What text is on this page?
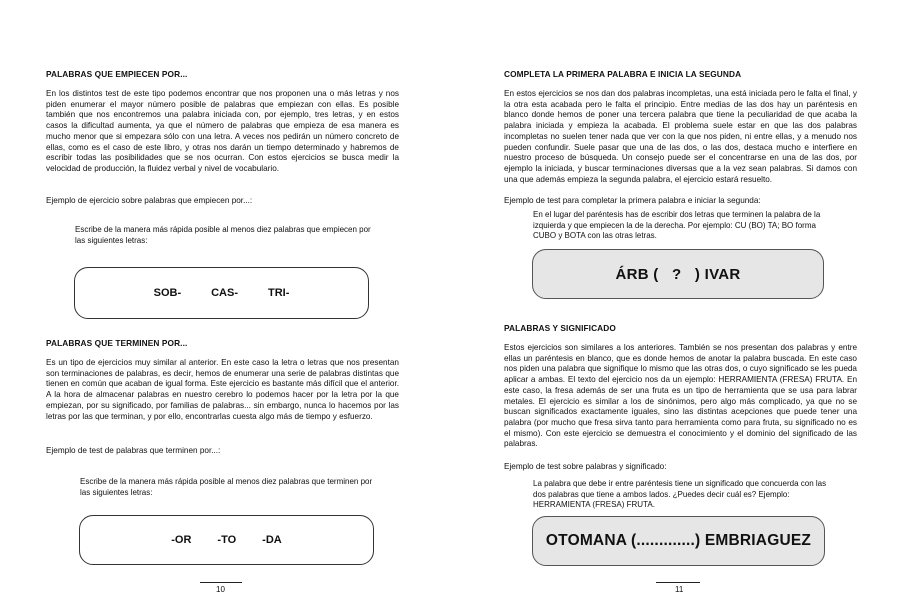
PALABRAS QUE EMPIECEN POR...
En los distintos test de este tipo podemos encontrar que nos proponen una o más letras y nos piden enumerar el mayor número posible de palabras que empiezan con ellas. Es posible también que nos encontremos una palabra iniciada con, por ejemplo, tres letras, y en estos casos la dificultad aumenta, ya que el número de palabras que empieza de esa manera es mucho menor que si empezara sólo con una letra. A veces nos pedirán un número concreto de ellas, como es el caso de este libro, y otras nos darán un tiempo determinado y habremos de escribir todas las posibilidades que se nos ocurran. Con estos ejercicios se busca medir la velocidad de producción, la fluidez verbal y nivel de vocabulario.
Ejemplo de ejercicio sobre palabras que empiecen por...:
Escribe de la manera más rápida posible al menos diez palabras que empiecen por las siguientes letras:
SOB-	CAS-	TRI-
PALABRAS QUE TERMINEN POR...
Es un tipo de ejercicios muy similar al anterior. En este caso la letra o letras que nos presentan son terminaciones de palabras, es decir, hemos de enumerar una serie de palabras distintas que tienen en común que acaban de igual forma. Este ejercicio es bastante más difícil que el anterior. A la hora de almacenar palabras en nuestro cerebro lo podemos hacer por la letra por la que empiezan, por su significado, por familias de palabras... sin embargo, nunca lo hacemos por las letras por las que terminan, y por ello, encontrarlas cuesta algo más de tiempo y esfuerzo.
Ejemplo de test de palabras que terminen por...:
Escribe de la manera más rápida posible al menos diez palabras que terminen por las siguientes letras:
-OR -TO -DA
10
COMPLETA LA PRIMERA PALABRA E INICIA LA SEGUNDA
En estos ejercicios se nos dan dos palabras incompletas, una está iniciada pero le falta el final, y la otra esta acabada pero le falta el principio. Entre medias de las dos hay un paréntesis en blanco donde hemos de poner una tercera palabra que tiene la peculiaridad de que acaba la palabra iniciada y empieza la acabada. El problema suele estar en que las dos palabras incompletas no suelen tener nada que ver con la que nos piden, ni entre ellas, y a menudo nos pueden confundir. Suele pasar que una de las dos, o las dos, destaca mucho e interfiere en nuestro proceso de búsqueda. Un consejo puede ser el concentrarse en una de las dos, por ejemplo la iniciada, y buscar terminaciones diversas que a la vez sean palabras. Si damos con una que además empieza la segunda palabra, el ejercicio estará resuelto.
Ejemplo de test para completar la primera palabra e iniciar la segunda:
En el lugar del paréntesis has de escribir dos letras que terminen la palabra de la izquierda y que empiecen la de la derecha. Por ejemplo: CU (BO) TA; BO forma CUBO y BOTA con las otras letras.
ÁRB (   ?   ) IVAR
PALABRAS Y SIGNIFICADO
Estos ejercicios son similares a los anteriores. También se nos presentan dos palabras y entre ellas un paréntesis en blanco, que es donde hemos de anotar la palabra buscada. En este caso nos piden una palabra que signifique lo mismo que las otras dos, o cuyo significado se les pueda aplicar a ambas. El texto del ejercicio nos da un ejemplo: HERRAMIENTA (FRESA) FRUTA. En este caso, la fresa además de ser una fruta es un tipo de herramienta que se usa para labrar metales. El ejercicio es similar a los de sinónimos, pero algo más complicado, ya que no se buscan significados exactamente iguales, sino las distintas acepciones que puede tener una palabra (por mucho que fresa sirva tanto para herramienta como para fruta, su significado no es el mismo). Con este ejercicio se demuestra el conocimiento y el dominio del significado de las palabras.
Ejemplo de test sobre palabras y significado:
La palabra que debe ir entre paréntesis tiene un significado que concuerda con las dos palabras que tiene a ambos lados. ¿Puedes decir cuál es? Ejemplo: HERRAMIENTA (FRESA) FRUTA.
OTOMANA (.............) EMBRIAGUEZ
11
